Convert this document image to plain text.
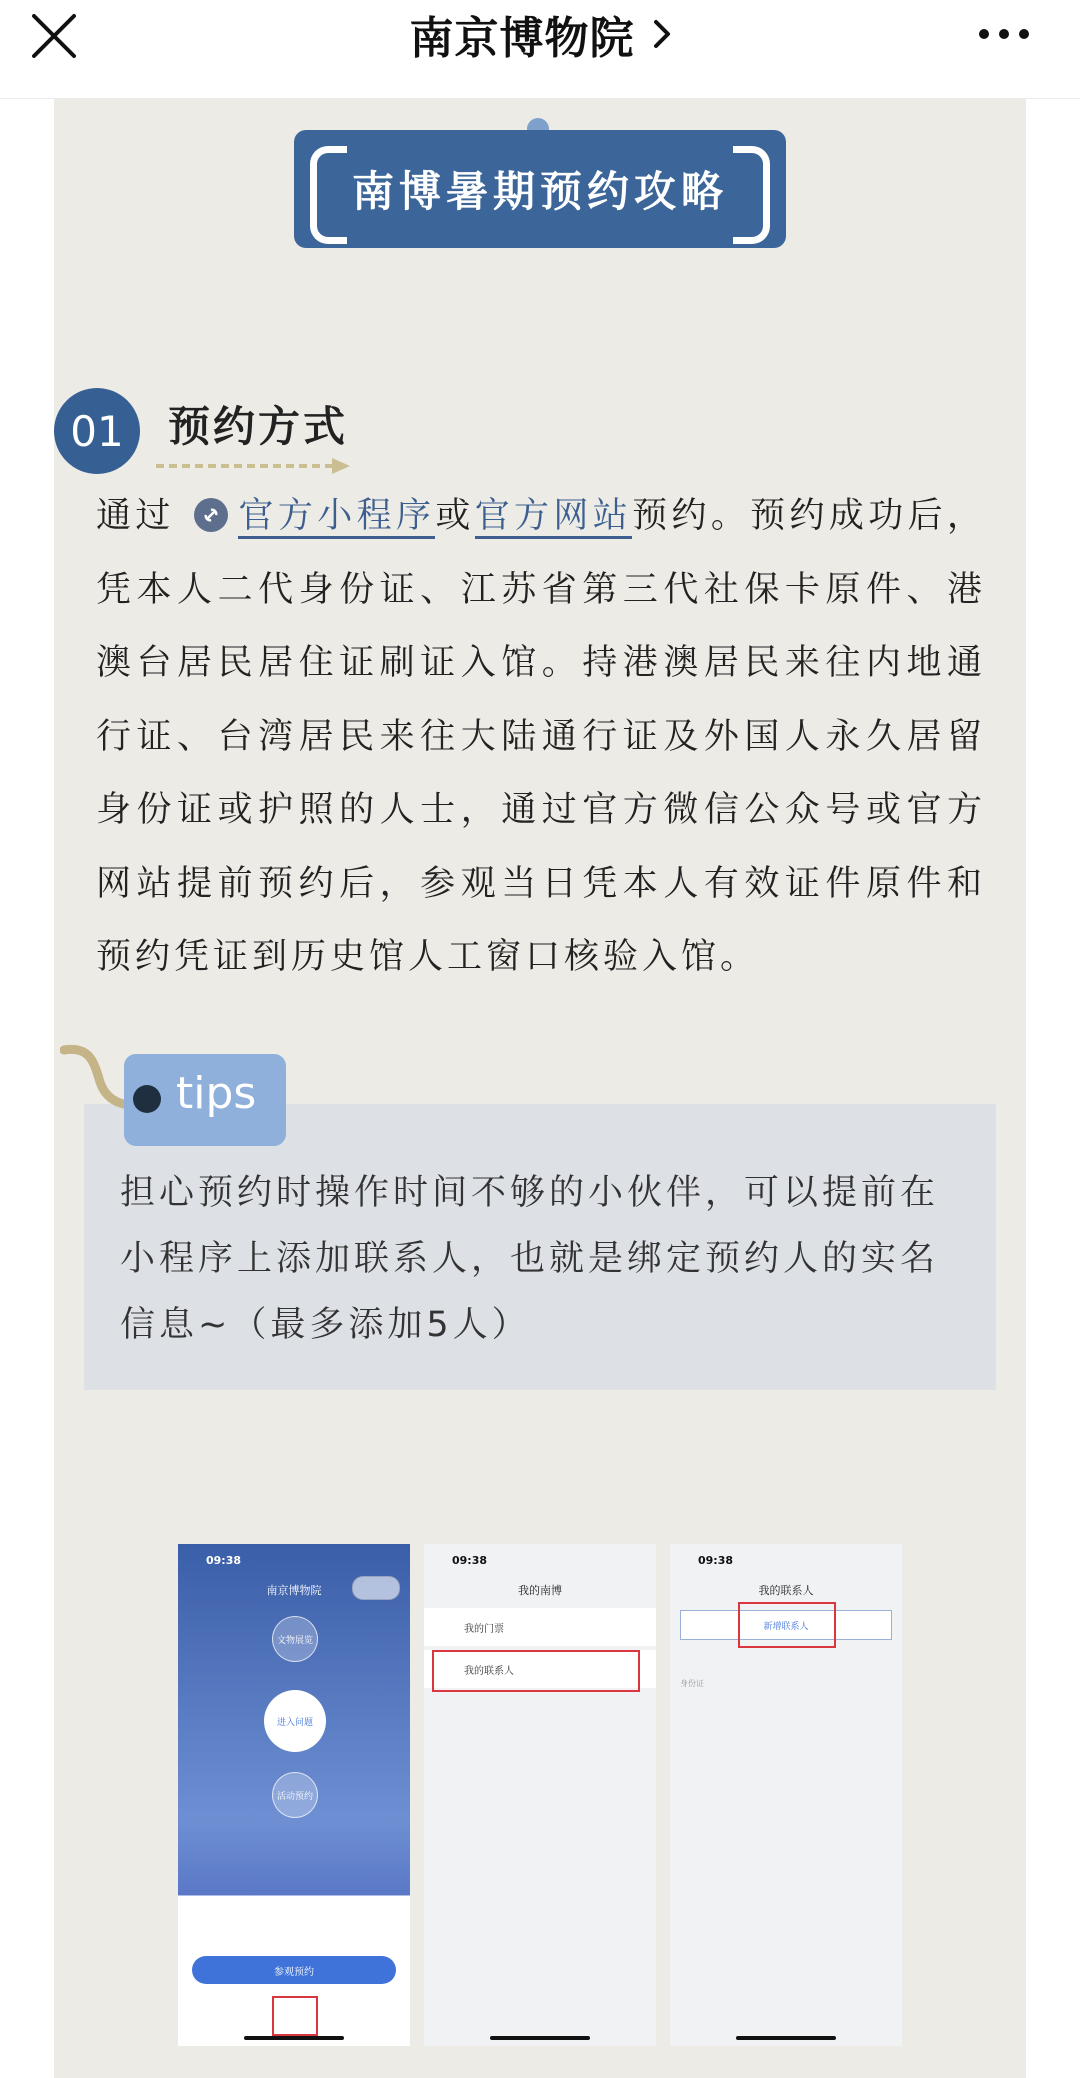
南京博物院
南博暑期预约攻略
01	预约方式
通过 官方小程序或官方网站预约。预约成功后，凭本人二代身份证、江苏省第三代社保卡原件、港澳台居民居住证刷证入馆。持港澳居民来往内地通行证、台湾居民来往大陆通行证及外国人永久居留身份证或护照的人士，通过官方微信公众号或官方网站提前预约后，参观当日凭本人有效证件原件和预约凭证到历史馆人工窗口核验入馆。
担心预约时操作时间不够的小伙伴，可以提前在小程序上添加联系人，也就是绑定预约人的实名信息~（最多添加5人）
tips
09:38
南京博物院
文物展览
进入问题
活动预约
参观预约
09:38
我的南博
我的门票
我的联系人
09:38
我的联系人
新增联系人
身份证
